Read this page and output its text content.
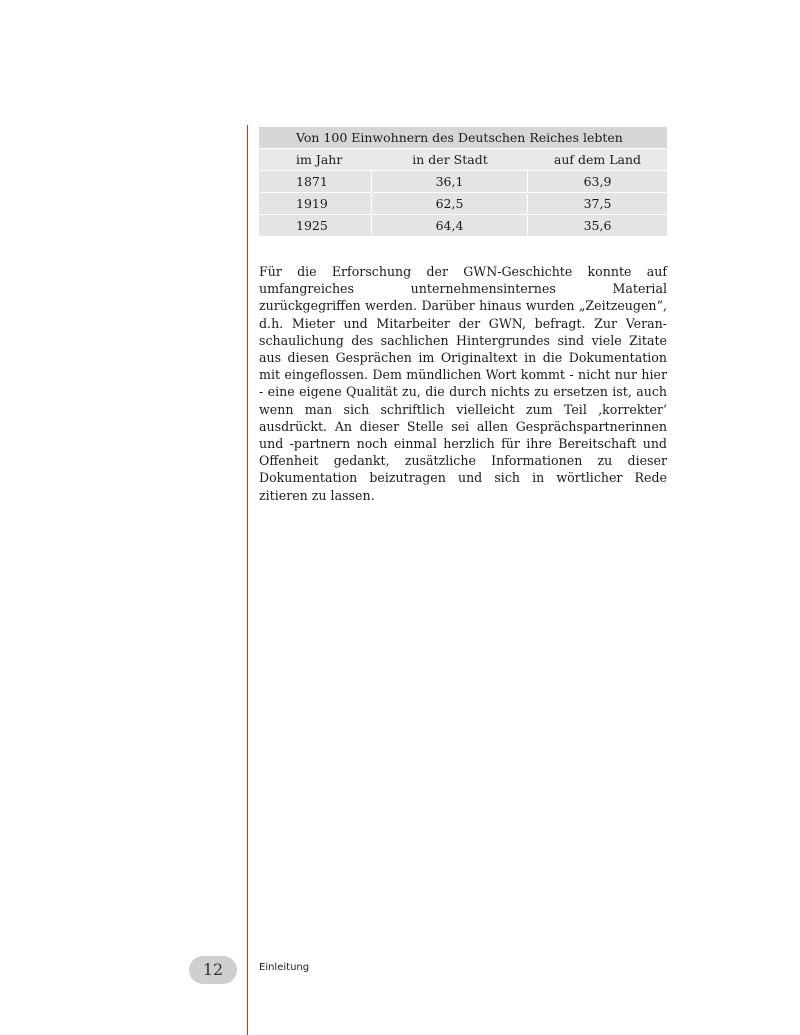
Von 100 Einwohnern des Deutschen Reiches lebten
im Jahr	in der Stadt	auf dem Land
1871	36,1	63,9
1919	62,5	37,5
1925	64,4	35,6

Für die Erforschung der GWN-Geschichte konnte auf umfangreiches unternehmensinternes Material zurückgegriffen werden. Darüber hinaus wurden „Zeitzeugen“, d.h. Mieter und Mitarbeiter der GWN, befragt. Zur Veranschaulichung des sachlichen Hintergrundes sind viele Zitate aus diesen Gesprächen im Originaltext in die Dokumentation mit eingeflossen. Dem mündlichen Wort kommt - nicht nur hier - eine eigene Qualität zu, die durch nichts zu ersetzen ist, auch wenn man sich schriftlich vielleicht zum Teil ‚korrekter‘ ausdrückt. An dieser Stelle sei allen Gesprächspartnerinnen und -partnern noch einmal herzlich für ihre Bereitschaft und Offenheit gedankt, zusätzliche Informationen zu dieser Dokumentation beizutragen und sich in wörtlicher Rede zitieren zu lassen.

12	Einleitung
